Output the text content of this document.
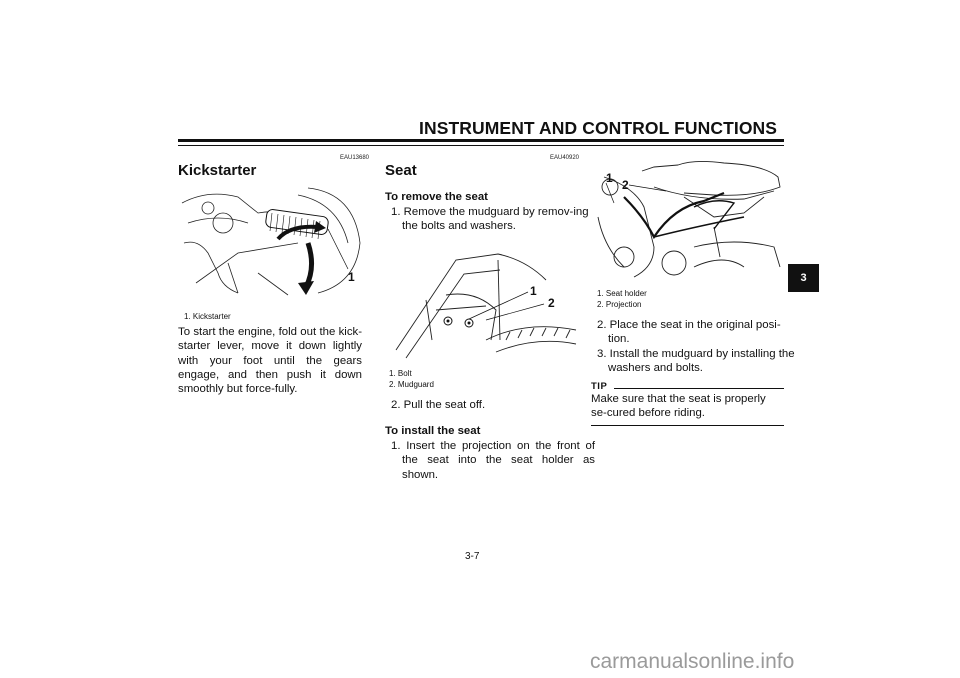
INSTRUMENT AND CONTROL FUNCTIONS
EAU13680
Kickstarter
1
1. Kickstarter
To start the engine, fold out the kick-starter lever, move it down lightly with your foot until the gears engage, and then push it down smoothly but force-fully.
EAU40920
Seat
To remove the seat
1. Remove the mudguard by remov-ing the bolts and washers.
1
2
1. Bolt
2. Mudguard
2. Pull the seat off.
To install the seat
1. Insert the projection on the front of the seat into the seat holder as shown.
1 2
1. Seat holder
2. Projection
2. Place the seat in the original posi-tion.
3. Install the mudguard by installing the washers and bolts.
TIP
Make sure that the seat is properly se-cured before riding.
3
3-7
carmanualsonline.info
